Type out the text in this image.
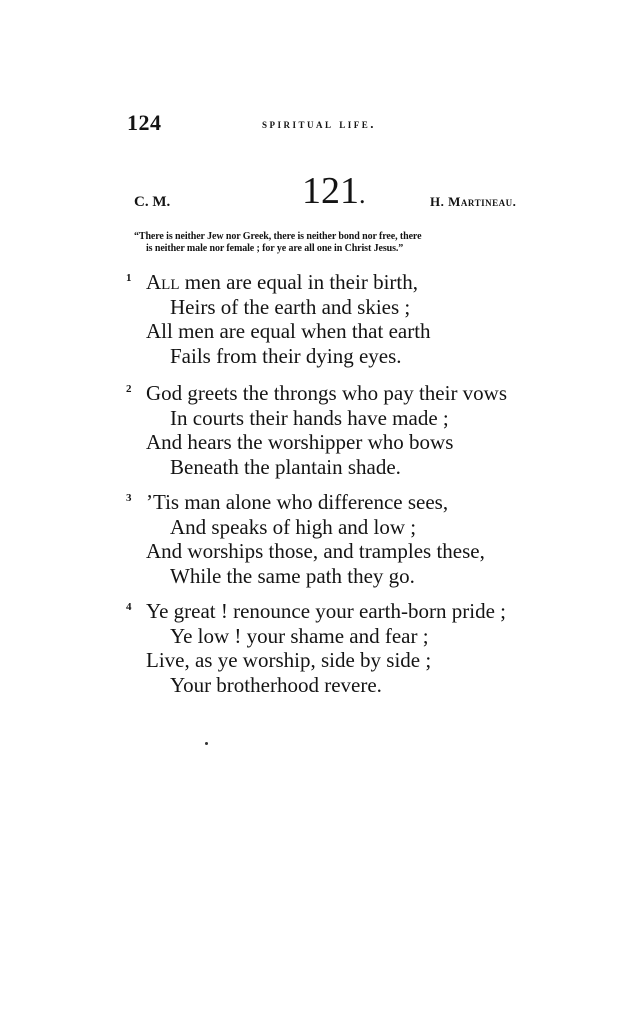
124	spiritual life.
C. M.	121.	H. Martineau.
“There is neither Jew nor Greek, there is neither bond nor free, there
is neither male nor female ; for ye are all one in Christ Jesus.”
1 All men are equal in their birth,
Heirs of the earth and skies ;
All men are equal when that earth
Fails from their dying eyes.
2 God greets the throngs who pay their vows
In courts their hands have made ;
And hears the worshipper who bows
Beneath the plantain shade.
3 ’Tis man alone who difference sees,
And speaks of high and low ;
And worships those, and tramples these,
While the same path they go.
4 Ye great ! renounce your earth-born pride ;
Ye low ! your shame and fear ;
Live, as ye worship, side by side ;
Your brotherhood revere.
